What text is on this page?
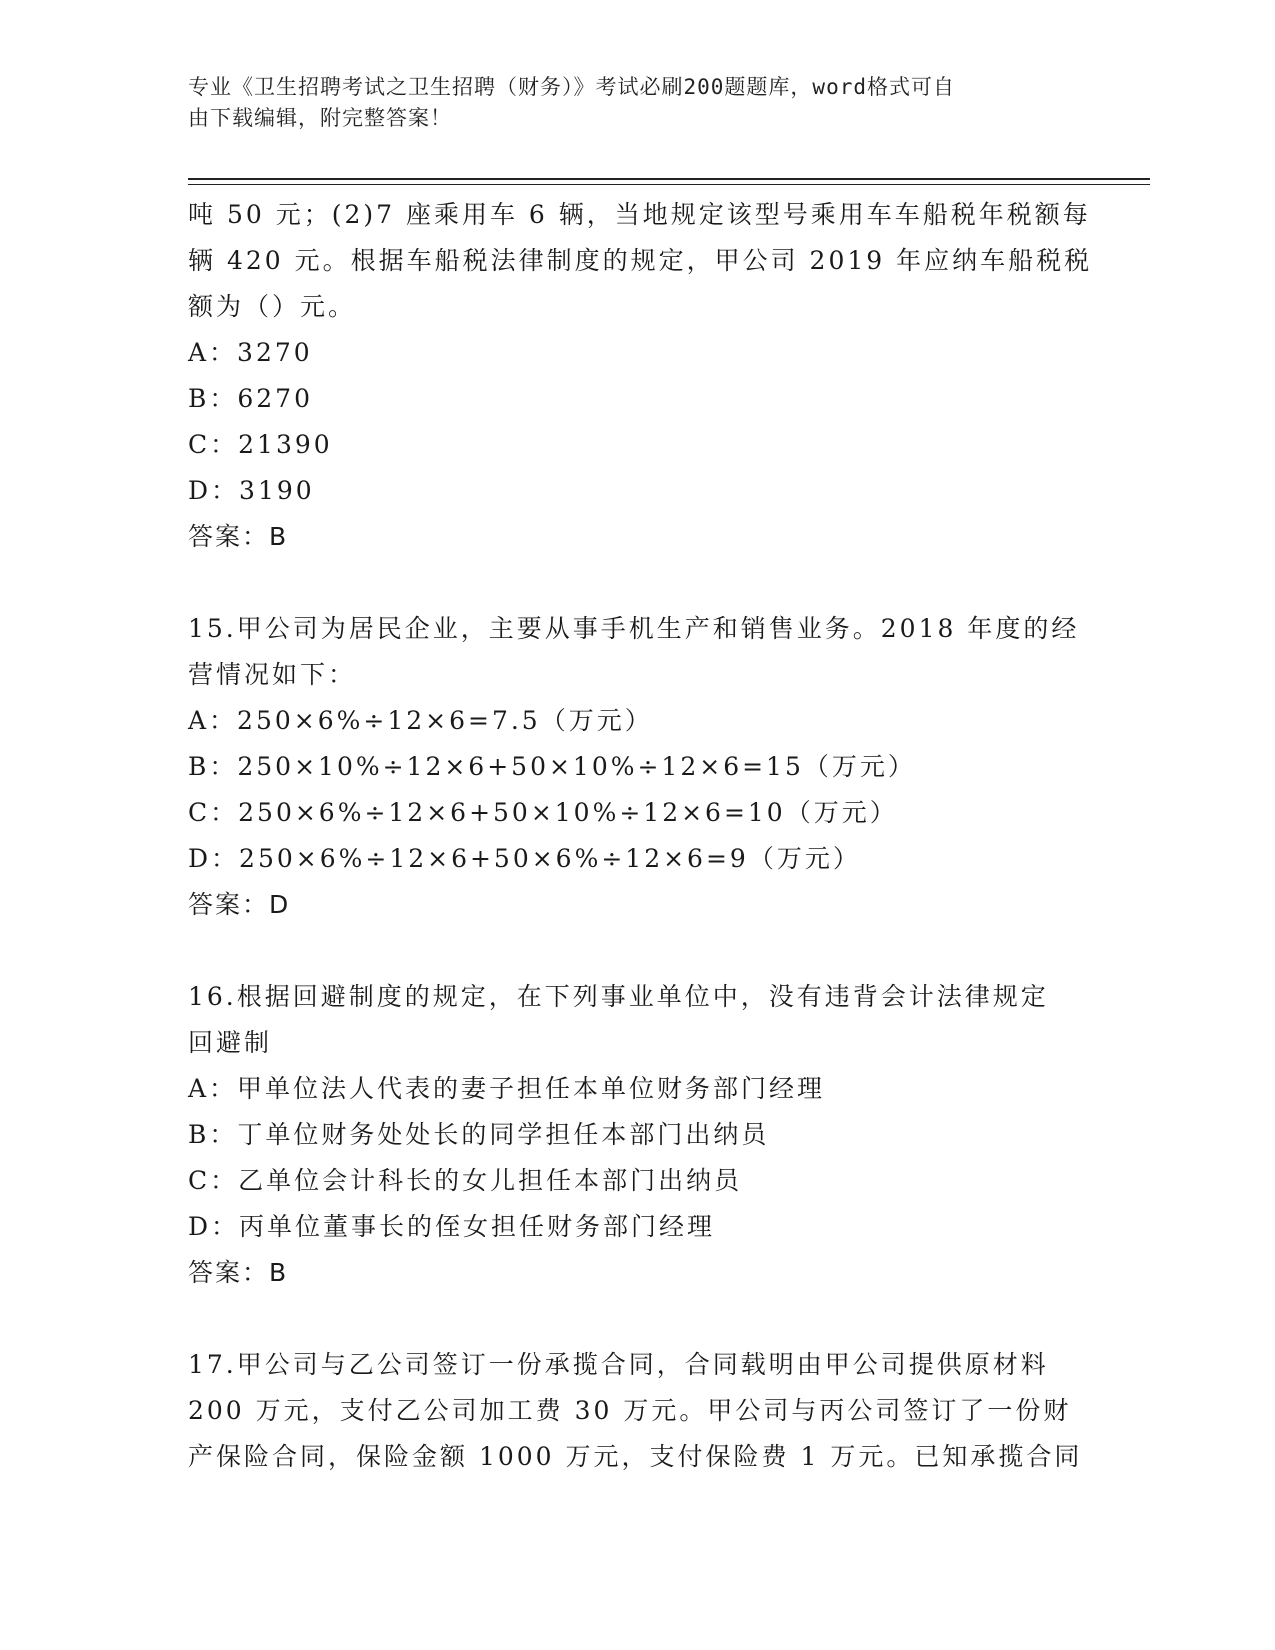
专业《卫生招聘考试之卫生招聘（财务）》考试必刷200题题库，word格式可自
由下载编辑，附完整答案！
吨 50 元；(2)7 座乘用车 6 辆，当地规定该型号乘用车车船税年税额每
辆 420 元。根据车船税法律制度的规定，甲公司 2019 年应纳车船税税
额为（）元。
A：3270
B：6270
C：21390
D：3190
答案：B
15.甲公司为居民企业，主要从事手机生产和销售业务。2018 年度的经
营情况如下：
A：250×6%÷12×6=7.5（万元）
B：250×10%÷12×6+50×10%÷12×6=15（万元）
C：250×6%÷12×6+50×10%÷12×6=10（万元）
D：250×6%÷12×6+50×6%÷12×6=9（万元）
答案：D
16.根据回避制度的规定，在下列事业单位中，没有违背会计法律规定
回避制
A：甲单位法人代表的妻子担任本单位财务部门经理
B：丁单位财务处处长的同学担任本部门出纳员
C：乙单位会计科长的女儿担任本部门出纳员
D：丙单位董事长的侄女担任财务部门经理
答案：B
17.甲公司与乙公司签订一份承揽合同，合同载明由甲公司提供原材料
200 万元，支付乙公司加工费 30 万元。甲公司与丙公司签订了一份财
产保险合同，保险金额 1000 万元，支付保险费 1 万元。已知承揽合同
